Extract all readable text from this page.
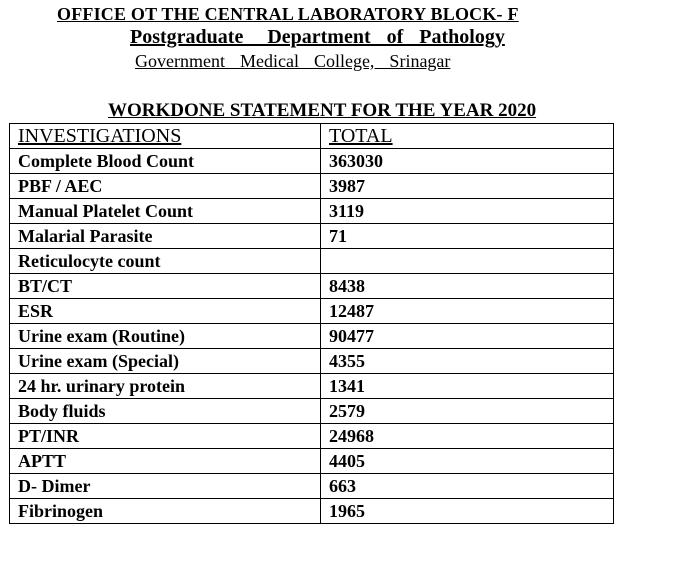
OFFICE OT THE CENTRAL LABORATORY BLOCK- F
Postgraduate   Department  of  Pathology
Government  Medical  College,  Srinagar
WORKDONE STATEMENT FOR THE YEAR 2020
INVESTIGATIONS	TOTAL
Complete Blood Count	363030
PBF / AEC	3987
Manual Platelet Count	3119
Malarial Parasite	71
Reticulocyte count	
BT/CT	8438
ESR	12487
Urine exam (Routine)	90477
Urine exam (Special)	4355
24 hr. urinary protein	1341
Body fluids	2579
PT/INR	24968
APTT	4405
D- Dimer	663
Fibrinogen	1965
